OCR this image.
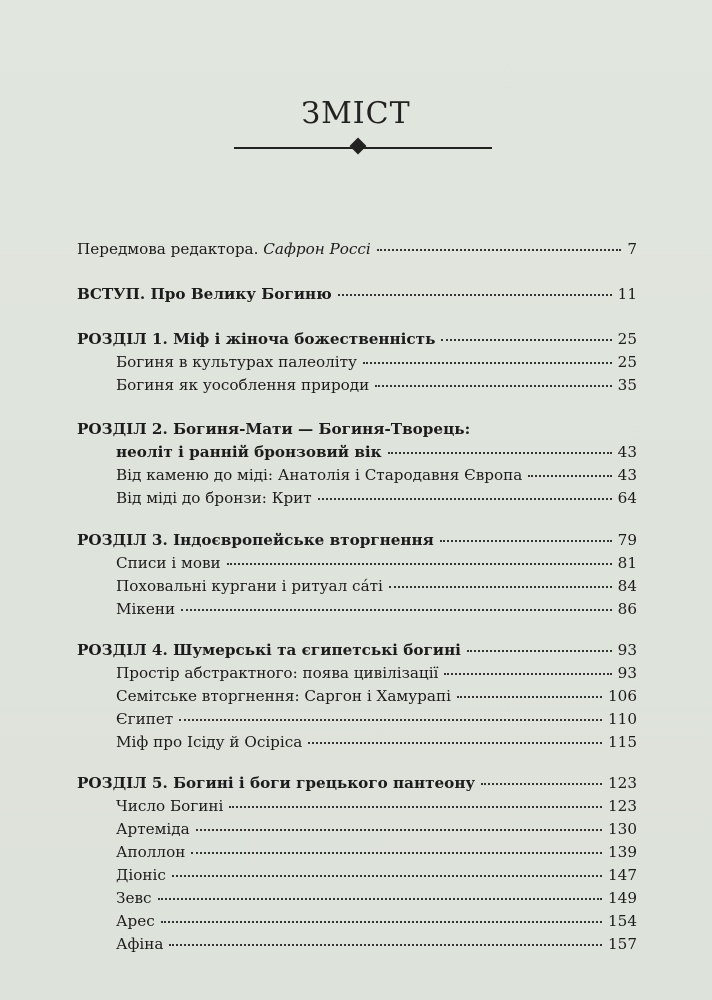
ЗМІСТ
Передмова редактора. Сафрон Россі	7
ВСТУП. Про Велику Богиню	11
РОЗДІЛ 1. Міф і жіноча божественність	25
Богиня в культурах палеоліту	25
Богиня як уособлення природи	35
РОЗДІЛ 2. Богиня-Мати — Богиня-Творець:
неоліт і ранній бронзовий вік	43
Від каменю до міді: Анатолія і Стародавня Європа	43
Від міді до бронзи: Крит	64
РОЗДІЛ 3. Індоєвропейське вторгнення	79
Списи і мови	81
Поховальні кургани і ритуал са́ті	84
Мікени	86
РОЗДІЛ 4. Шумерські та єгипетські богині	93
Простір абстрактного: поява цивілізації	93
Семітське вторгнення: Саргон і Хамурапі	106
Єгипет	110
Міф про Ісіду й Осіріса	115
РОЗДІЛ 5. Богині і боги грецького пантеону	123
Число Богині	123
Артеміда	130
Аполлон	139
Діоніс	147
Зевс	149
Арес	154
Афіна	157
